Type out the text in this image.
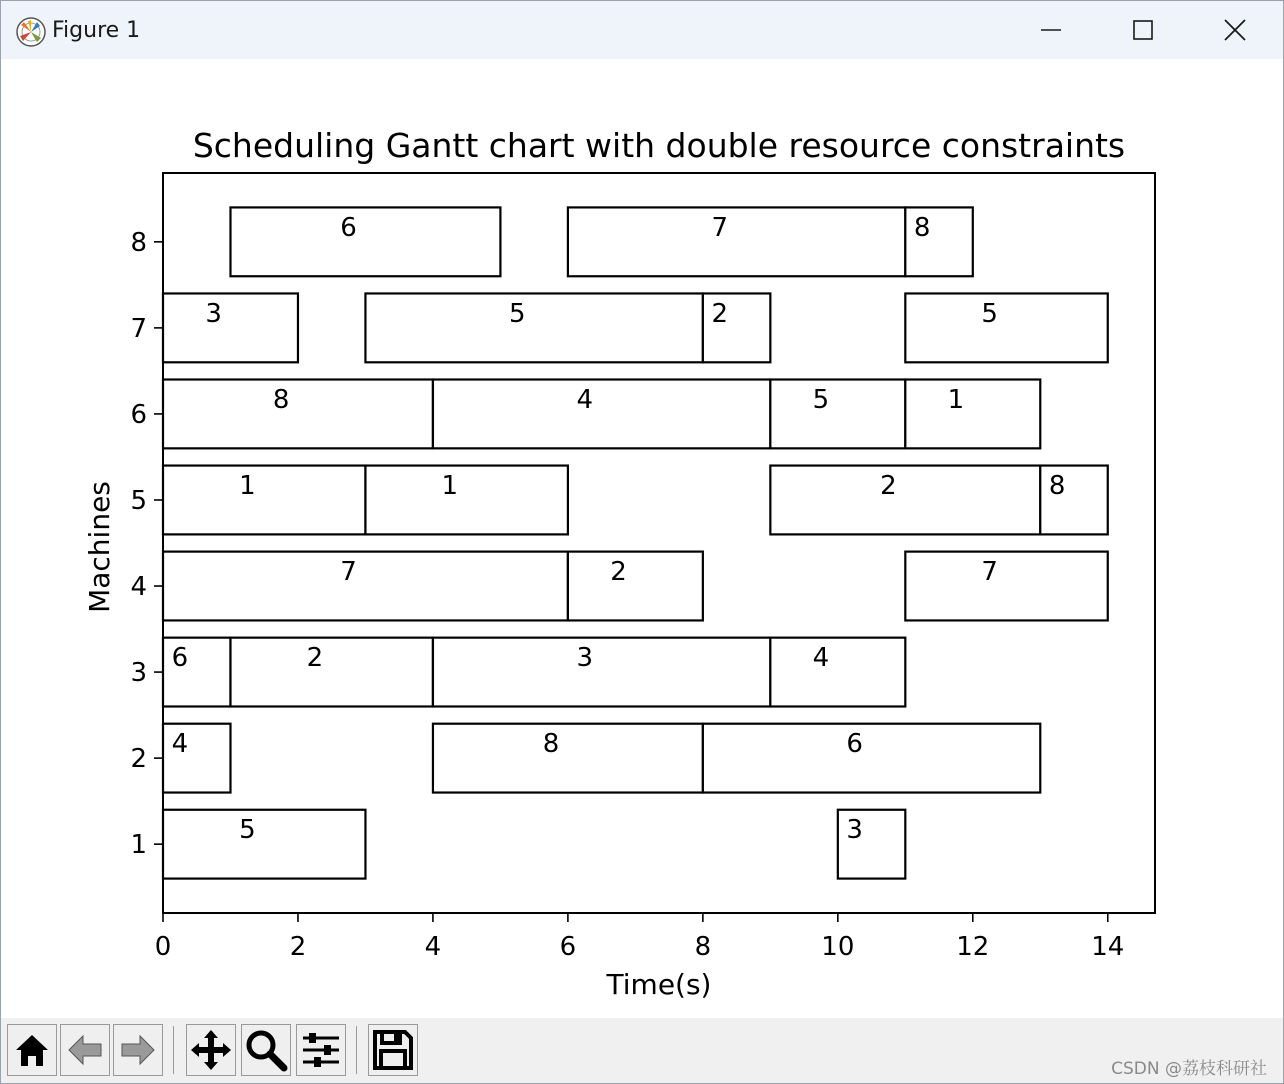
Figure 1
6	7	8
3	5	2	5
8	4	5	1
1	1	2	8
7	2	7
6	2	3	4
4	8	6
5	3
0	2	4	6	8	10	12	14
1
2
3
4
5
6
7
8
Scheduling Gantt chart with double resource constraints
Time(s)
Machines
CSDN @荔枝科研社
